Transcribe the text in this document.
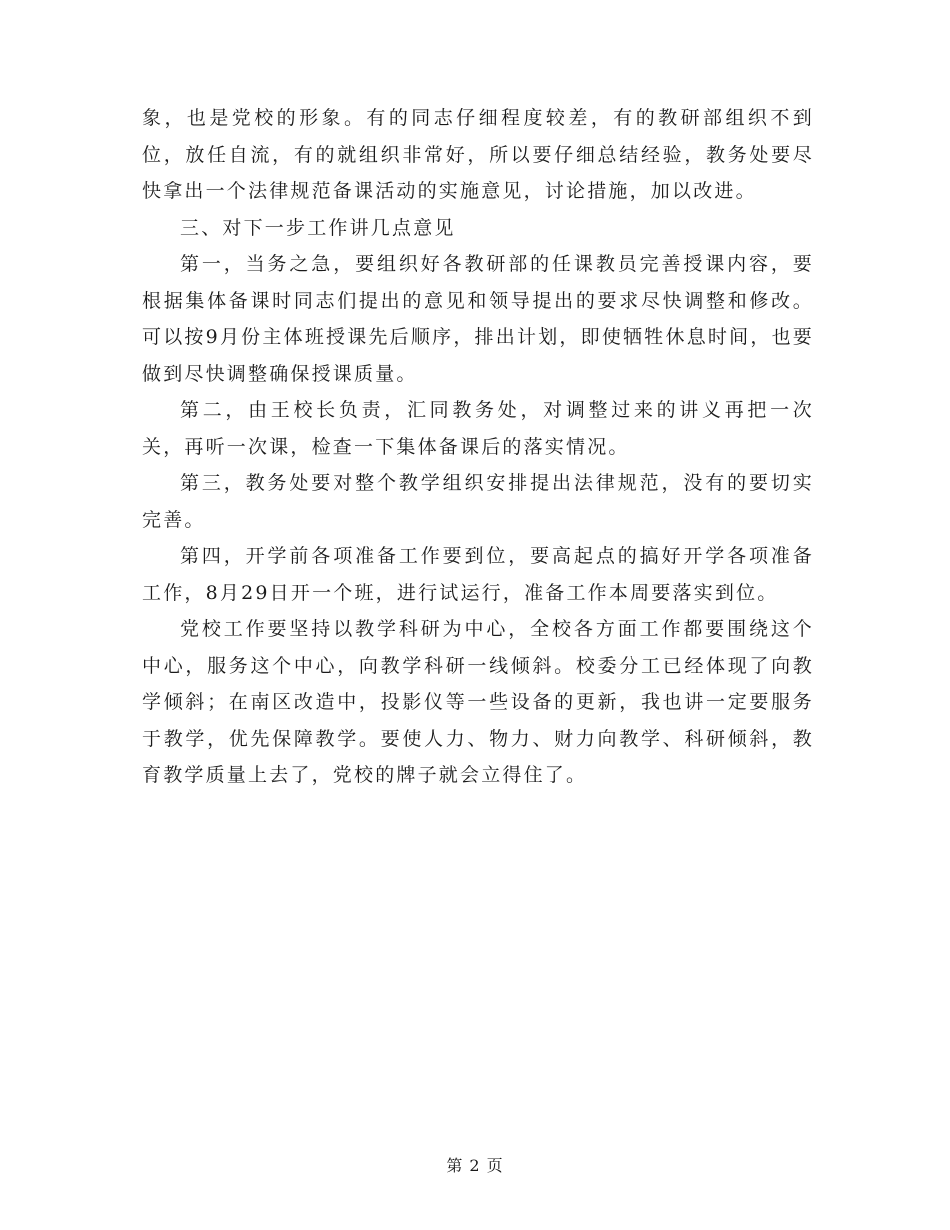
象，也是党校的形象。有的同志仔细程度较差，有的教研部组织不到位，放任自流，有的就组织非常好，所以要仔细总结经验，教务处要尽快拿出一个法律规范备课活动的实施意见，讨论措施，加以改进。

三、对下一步工作讲几点意见

第一，当务之急，要组织好各教研部的任课教员完善授课内容，要根据集体备课时同志们提出的意见和领导提出的要求尽快调整和修改。可以按9月份主体班授课先后顺序，排出计划，即使牺牲休息时间，也要做到尽快调整确保授课质量。

第二，由王校长负责，汇同教务处，对调整过来的讲义再把一次关，再听一次课，检查一下集体备课后的落实情况。

第三，教务处要对整个教学组织安排提出法律规范，没有的要切实完善。

第四，开学前各项准备工作要到位，要高起点的搞好开学各项准备工作，8月29日开一个班，进行试运行，准备工作本周要落实到位。

党校工作要坚持以教学科研为中心，全校各方面工作都要围绕这个中心，服务这个中心，向教学科研一线倾斜。校委分工已经体现了向教学倾斜；在南区改造中，投影仪等一些设备的更新，我也讲一定要服务于教学，优先保障教学。要使人力、物力、财力向教学、科研倾斜，教育教学质量上去了，党校的牌子就会立得住了。

第 2 页
